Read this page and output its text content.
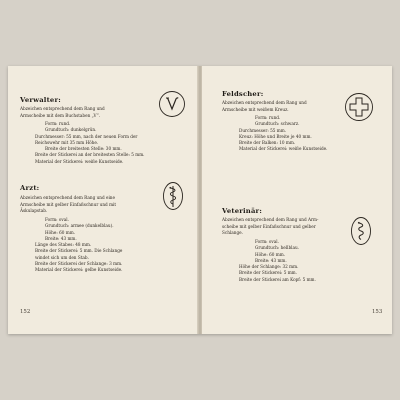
Verwalter:
Abzeichen entsprechend dem Rang und
Armscheibe mit dem Buchstaben „V“.
Form: rund.
Grundtuch: dunkelgrün.
Durchmesser: 55 mm, nach der neuen Form der
Reichswehr mit 35 mm Höhe.
Breite der breitesten Stelle: 30 mm.
Breite der Stickerei an der breitesten Stelle: 5 mm.
Material der Stickerei: weiße Kunstseide.
Arzt:
Abzeichen entsprechend dem Rang und eine
Armscheibe mit gelber Einfaßschnur und mit
Äskulapstab.
Form: oval.
Grundtuch: armee (dunkelblau).
Höhe: 60 mm.
Breite: 43 mm.
Länge des Stabes: 48 mm.
Breite der Stickerei: 5 mm. Die Schlange
windet sich um den Stab.
Breite der Stickerei der Schlange: 3 mm.
Material der Stickerei: gelbe Kunstseide.
152
Feldscher:
Abzeichen entsprechend dem Rang und
Armscheibe mit weißem Kreuz.
Form: rund.
Grundtuch: schwarz.
Durchmesser: 55 mm.
Kreuz: Höhe und Breite je 40 mm.
Breite der Balken: 10 mm.
Material der Stickerei: weiße Kunstseide.
Veterinär:
Abzeichen entsprechend dem Rang und Arm-
scheibe mit gelber Einfaßschnur und gelber
Schlange.
Form: oval.
Grundtuch: hellblau.
Höhe: 60 mm.
Breite: 43 mm.
Höhe der Schlange: 32 mm.
Breite der Stickerei: 5 mm.
Breite der Stickerei am Kopf: 5 mm.
153
